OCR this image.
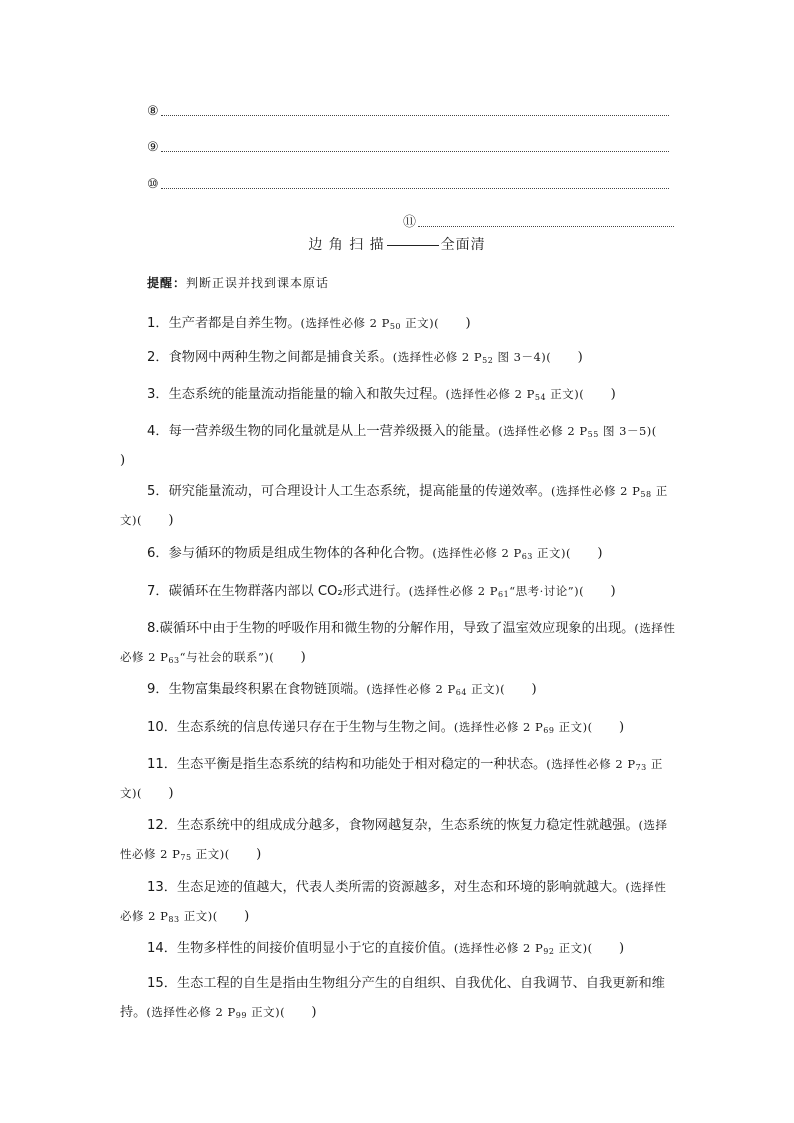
⑧
⑨
⑩
⑪
边 角 扫 描	全面清
提醒：判断正误并找到课本原话
1．生产者都是自养生物。(选择性必修 2 $P_{50}$ 正文)(　　)
2．食物网中两种生物之间都是捕食关系。(选择性必修 2 $P_{52}$ 图 3－4)(　　)
3．生态系统的能量流动指能量的输入和散失过程。(选择性必修 2 $P_{54}$ 正文)(　　)
4．每一营养级生物的同化量就是从上一营养级摄入的能量。(选择性必修 2 $P_{55}$ 图 3－5)(　　)
5．研究能量流动，可合理设计人工生态系统，提高能量的传递效率。(选择性必修 2 $P_{58}$ 正文)(　　)
6．参与循环的物质是组成生物体的各种化合物。(选择性必修 2 $P_{63}$ 正文)(　　)
7．碳循环在生物群落内部以 CO₂形式进行。(选择性必修 2 $P_{61}“$思考·讨论”)(　　)
8.碳循环中由于生物的呼吸作用和微生物的分解作用，导致了温室效应现象的出现。(选择性必修 2 $P_{63}“$与社会的联系”)(　　)
9．生物富集最终积累在食物链顶端。(选择性必修 2 $P_{64}$ 正文)(　　)
10．生态系统的信息传递只存在于生物与生物之间。(选择性必修 2 $P_{69}$ 正文)(　　)
11．生态平衡是指生态系统的结构和功能处于相对稳定的一种状态。(选择性必修 2 $P_{73}$ 正文)(　　)
12．生态系统中的组成成分越多，食物网越复杂，生态系统的恢复力稳定性就越强。(选择性必修 2 $P_{75}$ 正文)(　　)
13．生态足迹的值越大，代表人类所需的资源越多，对生态和环境的影响就越大。(选择性必修 2 $P_{83}$ 正文)(　　)
14．生物多样性的间接价值明显小于它的直接价值。(选择性必修 2 $P_{92}$ 正文)(　　)
15．生态工程的自生是指由生物组分产生的自组织、自我优化、自我调节、自我更新和维持。(选择性必修 2 $P_{99}$ 正文)(　　)
